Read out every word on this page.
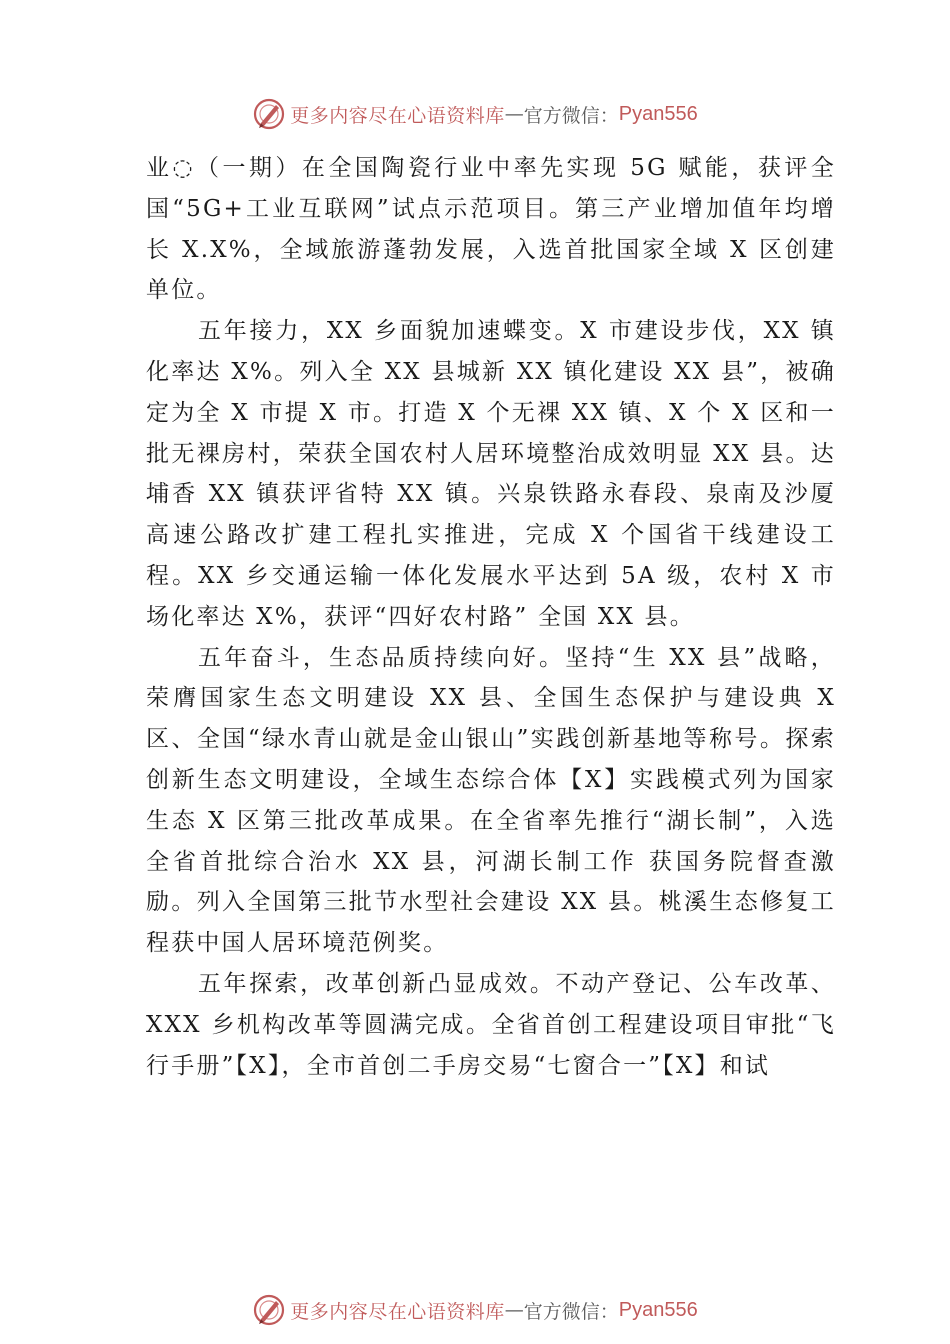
更多内容尽在心语资料库 — 官方微信： Pyan556

业◌（一期）在全国陶瓷行业中率先实现 5G 赋能，获评全国“5G+工业互联网”试点示范项目。第三产业增加值年均增长 X.X%，全域旅游蓬勃发展，入选首批国家全域 X 区创建单位。

五年接力，XX 乡面貌加速蝶变。X 市建设步伐，XX 镇化率达 X%。列入全 XX 县城新 XX 镇化建设 XX 县”，被确定为全 X 市提 X 市。打造 X 个无裸 XX 镇、X 个 X 区和一批无裸房村，荣获全国农村人居环境整治成效明显 XX 县。达埔香 XX 镇获评省特 XX 镇。兴泉铁路永春段、泉南及沙厦高速公路改扩建工程扎实推进，完成 X 个国省干线建设工程。XX 乡交通运输一体化发展水平达到 5A 级，农村 X 市场化率达 X%，获评“四好农村路” 全国 XX 县。

五年奋斗，生态品质持续向好。坚持“生 XX 县”战略，荣膺国家生态文明建设 XX 县、全国生态保护与建设典 X 区、全国“绿水青山就是金山银山”实践创新基地等称号。探索创新生态文明建设，全域生态综合体【X】实践模式列为国家生态 X 区第三批改革成果。在全省率先推行“湖长制”，入选全省首批综合治水 XX 县，河湖长制工作 获国务院督查激励。列入全国第三批节水型社会建设 XX 县。桃溪生态修复工程获中国人居环境范例奖。

五年探索，改革创新凸显成效。不动产登记、公车改革、XXX 乡机构改革等圆满完成。全省首创工程建设项目审批“飞行手册”【X】，全市首创二手房交易“七窗合一”【X】和试

更多内容尽在心语资料库 — 官方微信： Pyan556
